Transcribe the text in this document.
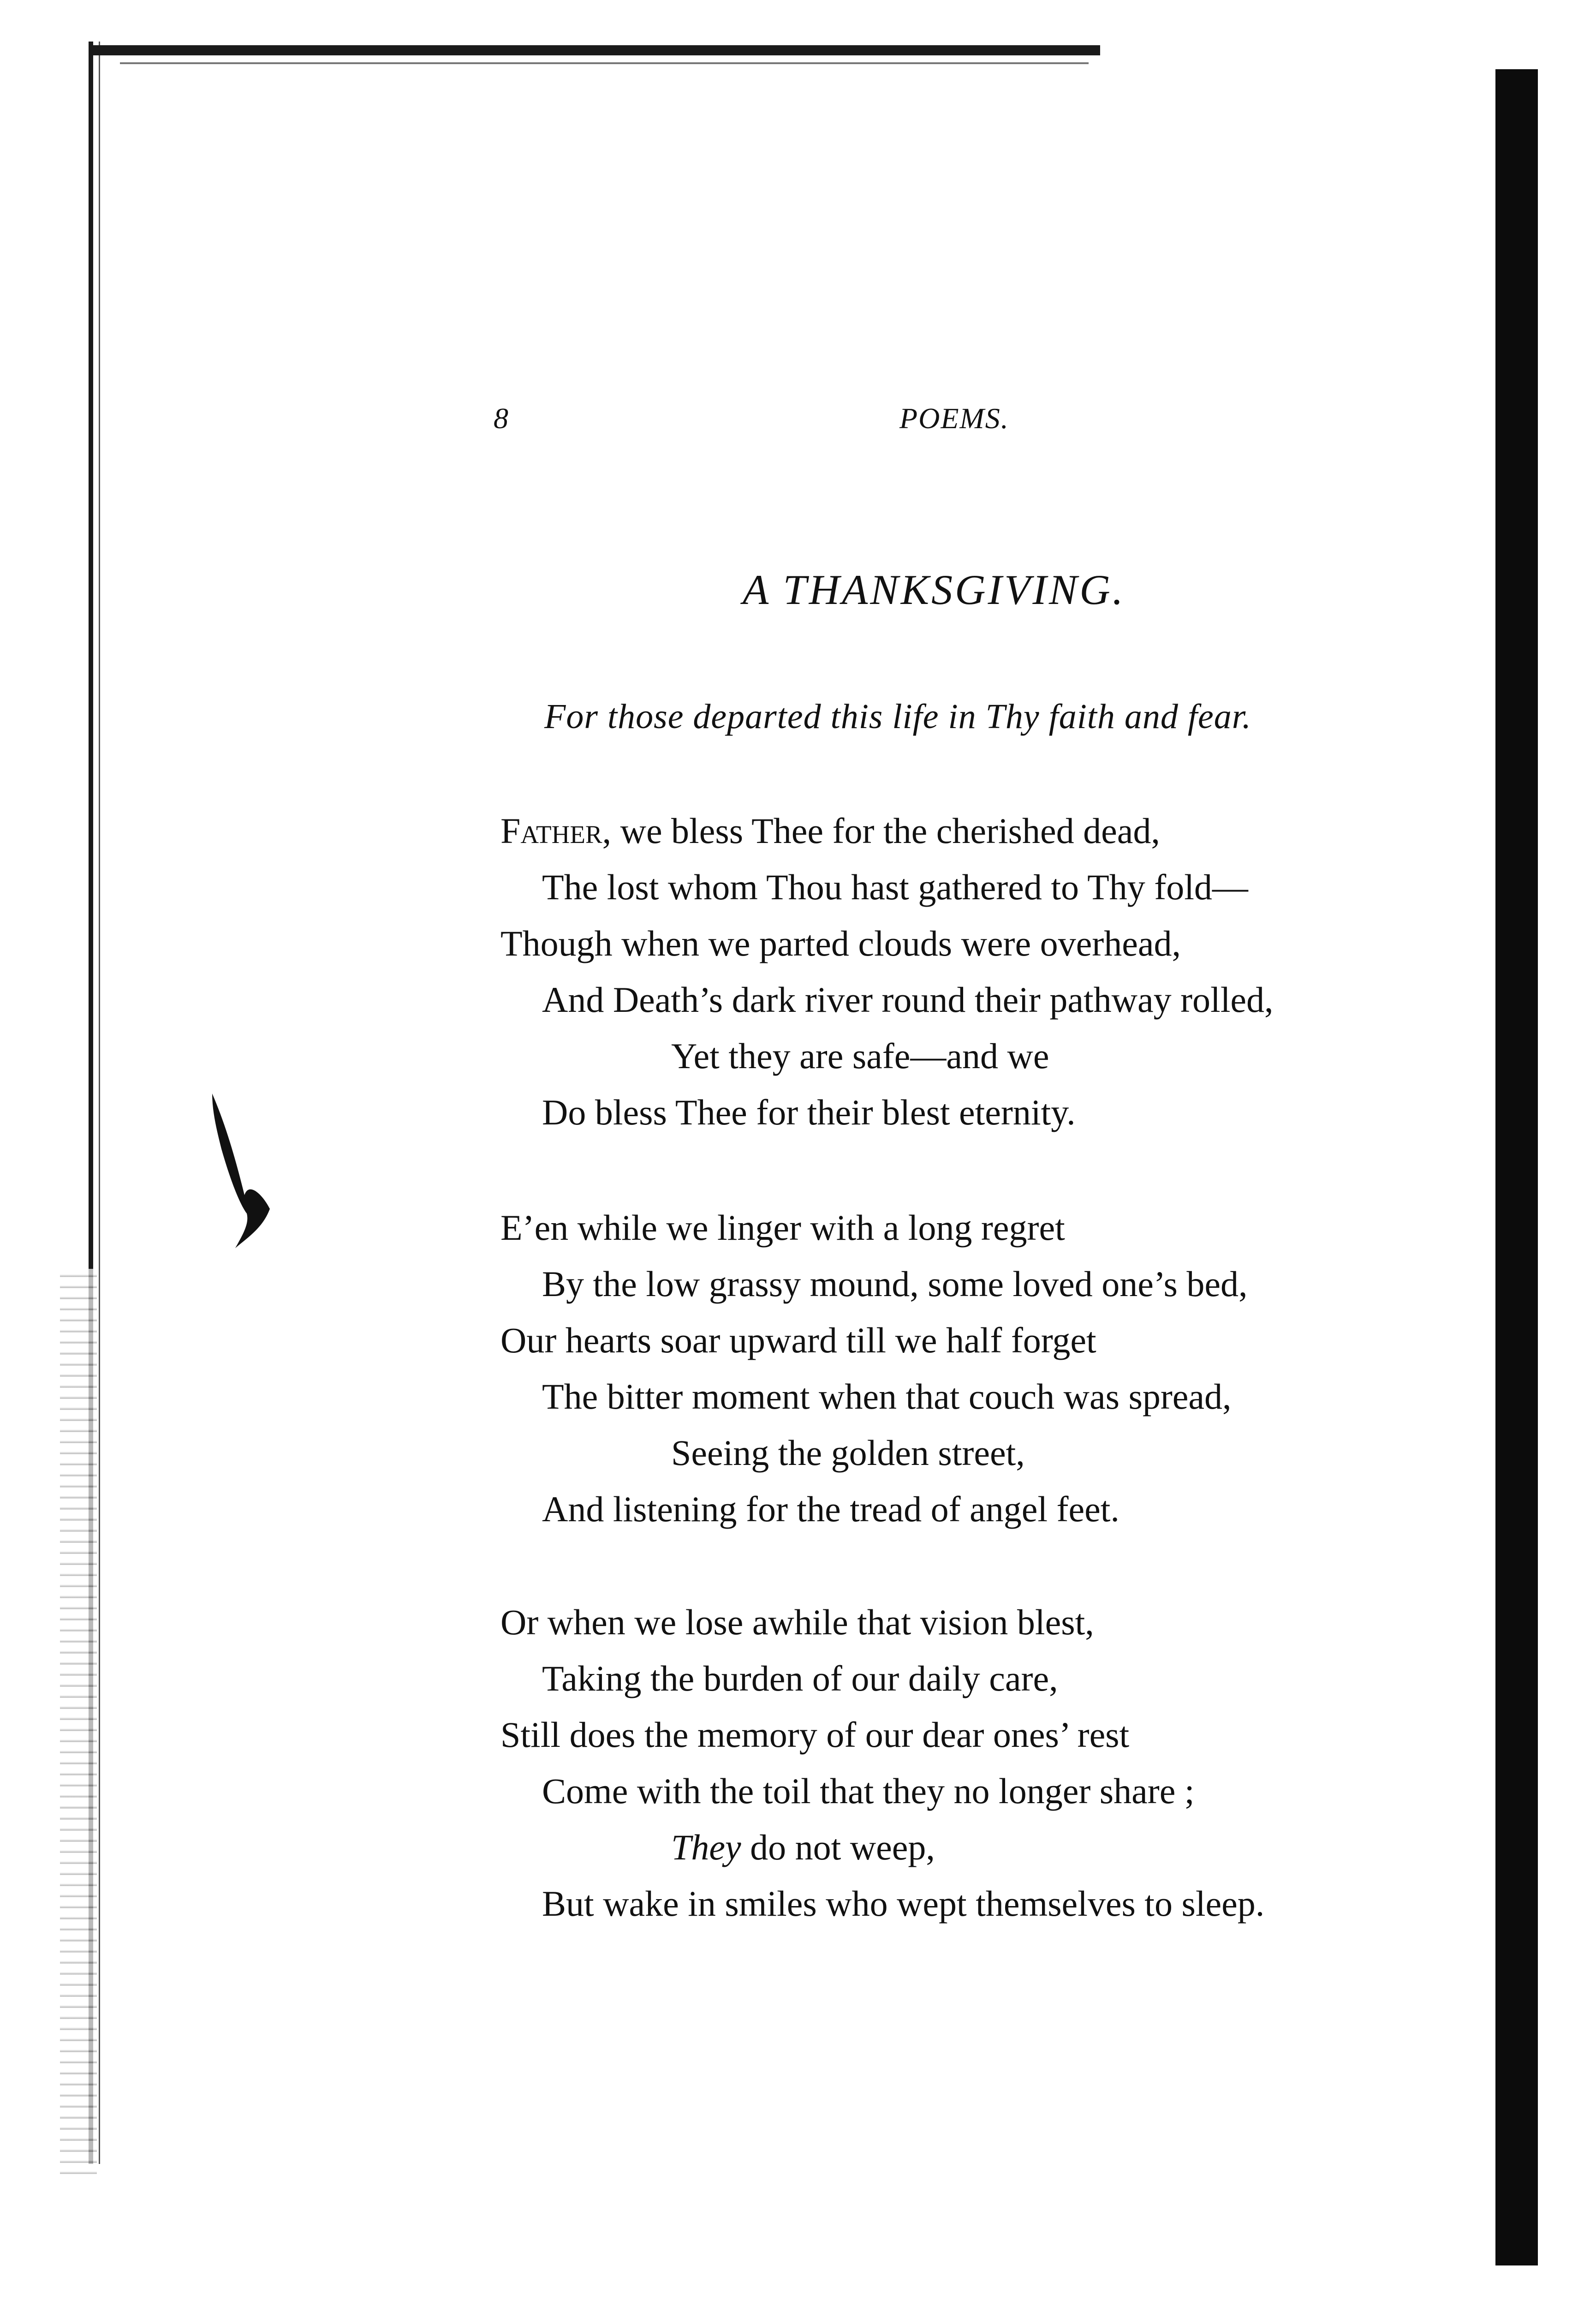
8	POEMS.
A THANKSGIVING.
For those departed this life in Thy faith and fear.
Father, we bless Thee for the cherished dead,
The lost whom Thou hast gathered to Thy fold—
Though when we parted clouds were overhead,
And Death’s dark river round their pathway rolled,
Yet they are safe—and we
Do bless Thee for their blest eternity.
E’en while we linger with a long regret
By the low grassy mound, some loved one’s bed,
Our hearts soar upward till we half forget
The bitter moment when that couch was spread,
Seeing the golden street,
And listening for the tread of angel feet.
Or when we lose awhile that vision blest,
Taking the burden of our daily care,
Still does the memory of our dear ones’ rest
Come with the toil that they no longer share ;
They do not weep,
But wake in smiles who wept themselves to sleep.
